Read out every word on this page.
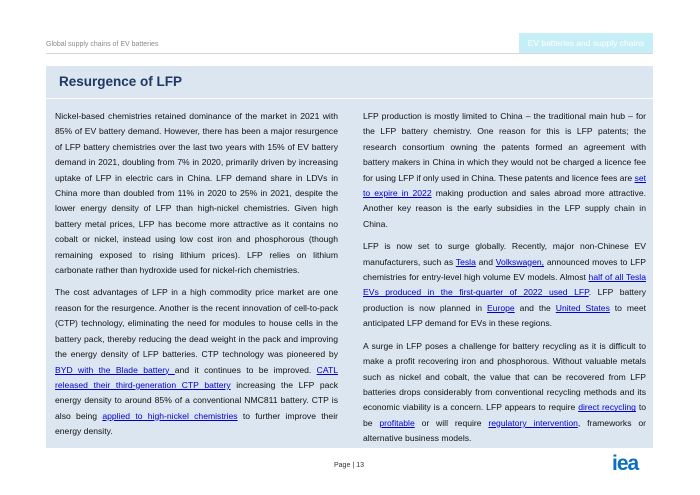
Global supply chains of EV batteries	EV batteries and supply chains
Resurgence of LFP

Nickel-based chemistries retained dominance of the market in 2021 with 85% of EV battery demand. However, there has been a major resurgence of LFP battery chemistries over the last two years with 15% of EV battery demand in 2021, doubling from 7% in 2020, primarily driven by increasing uptake of LFP in electric cars in China. LFP demand share in LDVs in China more than doubled from 11% in 2020 to 25% in 2021, despite the lower energy density of LFP than high-nickel chemistries. Given high battery metal prices, LFP has become more attractive as it contains no cobalt or nickel, instead using low cost iron and phosphorous (though remaining exposed to rising lithium prices). LFP relies on lithium carbonate rather than hydroxide used for nickel-rich chemistries.

The cost advantages of LFP in a high commodity price market are one reason for the resurgence. Another is the recent innovation of cell-to-pack (CTP) technology, eliminating the need for modules to house cells in the battery pack, thereby reducing the dead weight in the pack and improving the energy density of LFP batteries. CTP technology was pioneered by BYD with the Blade battery and it continues to be improved. CATL released their third-generation CTP battery increasing the LFP pack energy density to around 85% of a conventional NMC811 battery. CTP is also being applied to high-nickel chemistries to further improve their energy density.

LFP production is mostly limited to China – the traditional main hub – for the LFP battery chemistry. One reason for this is LFP patents; the research consortium owning the patents formed an agreement with battery makers in China in which they would not be charged a licence fee for using LFP if only used in China. These patents and licence fees are set to expire in 2022 making production and sales abroad more attractive. Another key reason is the early subsidies in the LFP supply chain in China.

LFP is now set to surge globally. Recently, major non-Chinese EV manufacturers, such as Tesla and Volkswagen, announced moves to LFP chemistries for entry-level high volume EV models. Almost half of all Tesla EVs produced in the first-quarter of 2022 used LFP. LFP battery production is now planned in Europe and the United States to meet anticipated LFP demand for EVs in these regions.

A surge in LFP poses a challenge for battery recycling as it is difficult to make a profit recovering iron and phosphorous. Without valuable metals such as nickel and cobalt, the value that can be recovered from LFP batteries drops considerably from conventional recycling methods and its economic viability is a concern. LFP appears to require direct recycling to be profitable or will require regulatory intervention, frameworks or alternative business models.

Page | 13	iea
